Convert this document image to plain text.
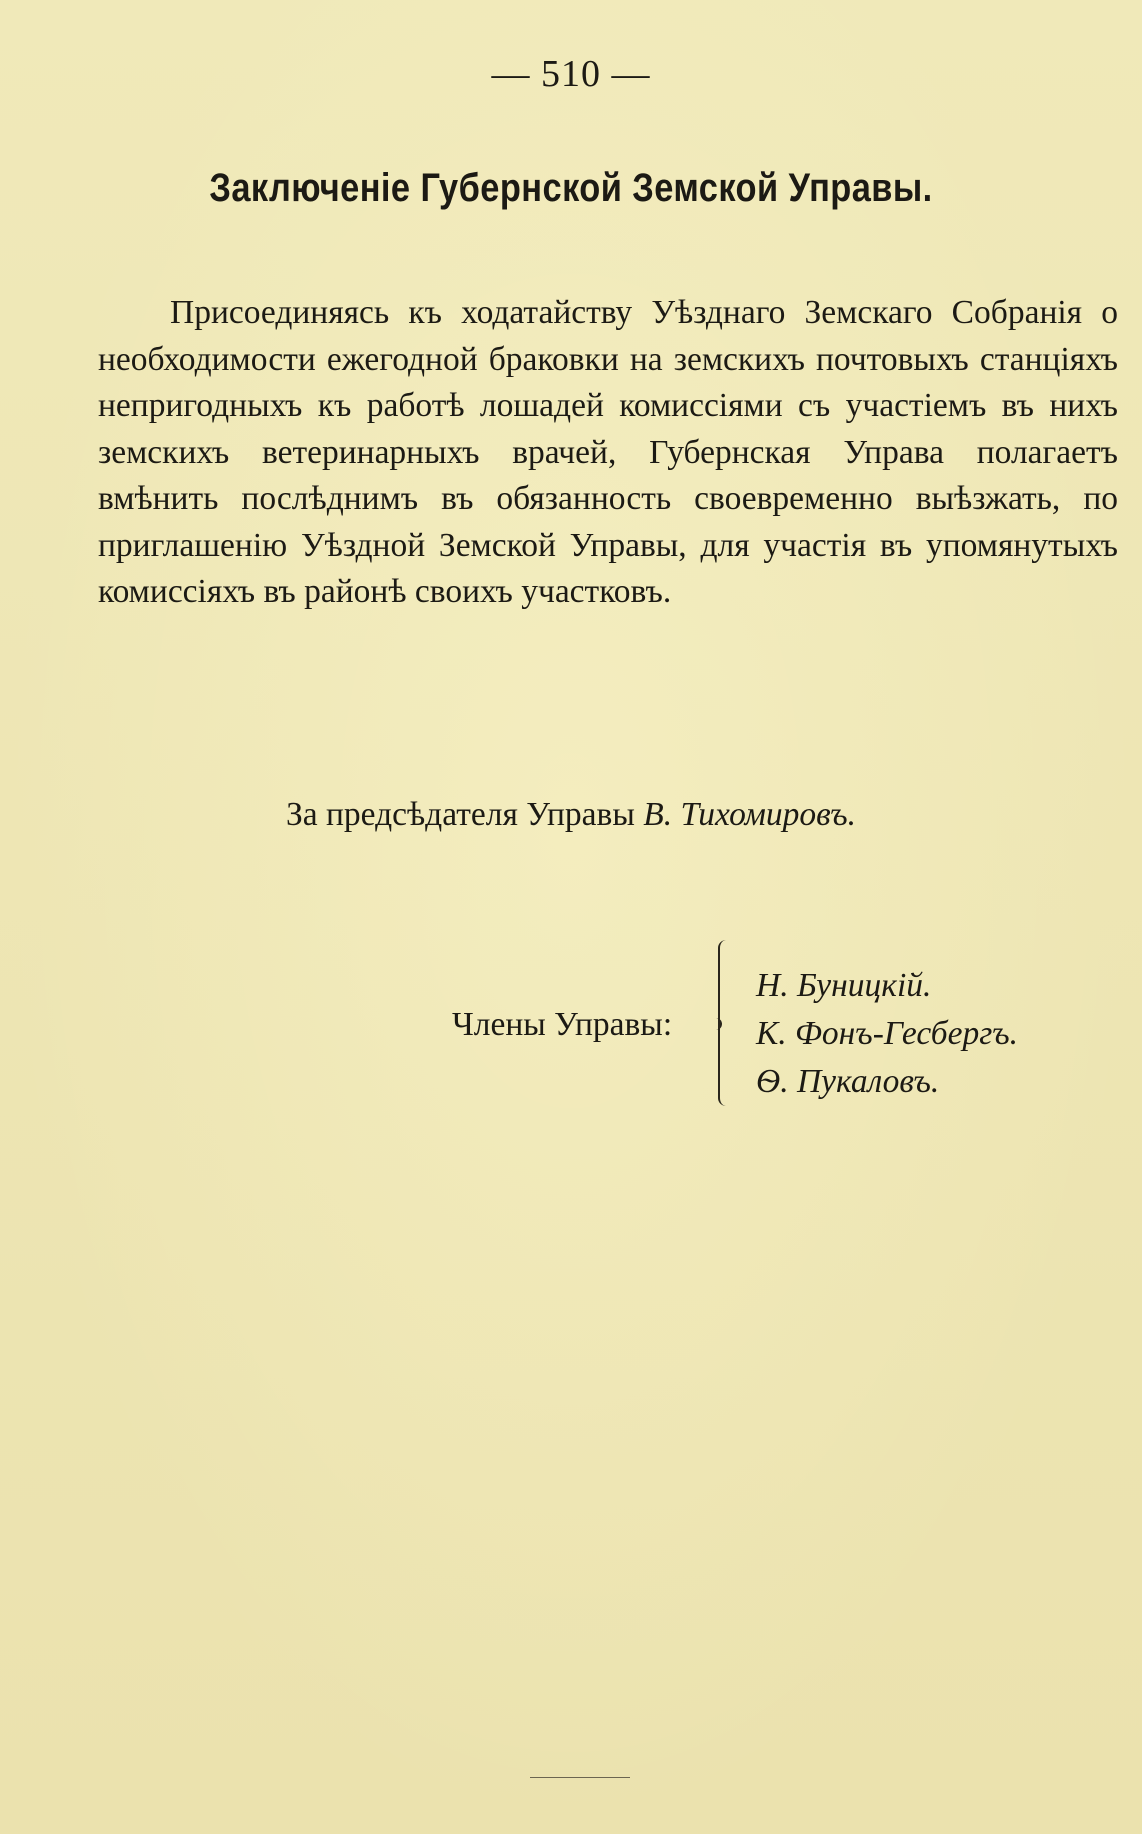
— 510 —
Заключеніе Губернской Земской Управы.
Присоединяясь къ ходатайству Уѣзднаго Земскаго Собранія о необходимости ежегодной браковки на земскихъ почтовыхъ станціяхъ непригодныхъ къ работѣ лошадей комиссіями съ участіемъ въ нихъ земскихъ ветеринарныхъ врачей, Губернская Управа полагаетъ вмѣнить послѣднимъ въ обязанность своевременно выѣзжать, по приглашенію Уѣздной Земской Управы, для участія въ упомянутыхъ комиссіяхъ въ районѣ своихъ участковъ.
За предсѣдателя Управы В. Тихомировъ.
Члены Управы:
Н. Буницкій.
К. Фонъ-Гесбергъ.
Ѳ. Пукаловъ.
